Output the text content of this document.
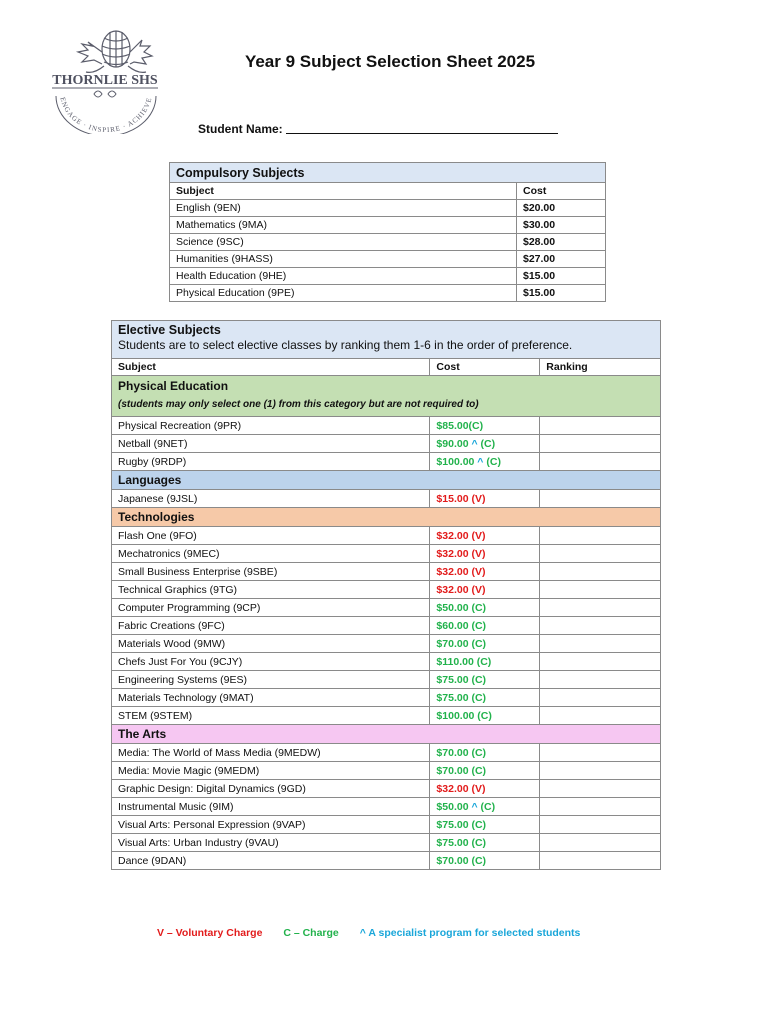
THORNLIE SHS
ENGAGE · INSPIRE · ACHIEVE
Year 9 Subject Selection Sheet 2025
Student Name:
Compulsory Subjects	
Subject	Cost
English (9EN)	$20.00
Mathematics (9MA)	$30.00
Science (9SC)	$28.00
Humanities (9HASS)	$27.00
Health Education (9HE)	$15.00
Physical Education (9PE)	$15.00
Elective Subjects
Students are to select elective classes by ranking them 1-6 in the order of preference.		

Subject	Cost	Ranking
Physical Education
(students may only select one (1) from this category but are not required to)		

Physical Recreation (9PR)	$85.00(C)	
Netball (9NET)	$90.00 ^ (C)	
Rugby (9RDP)	$100.00 ^ (C)	
Languages		
Japanese (9JSL)	$15.00 (V)	
Technologies		
Flash One (9FO)	$32.00 (V)	
Mechatronics (9MEC)	$32.00 (V)	
Small Business Enterprise (9SBE)	$32.00 (V)	
Technical Graphics (9TG)	$32.00 (V)	
Computer Programming (9CP)	$50.00 (C)	
Fabric Creations (9FC)	$60.00 (C)	
Materials Wood (9MW)	$70.00 (C)	
Chefs Just For You (9CJY)	$110.00 (C)	
Engineering Systems (9ES)	$75.00 (C)	
Materials Technology (9MAT)	$75.00 (C)	
STEM (9STEM)	$100.00 (C)	
The Arts		
Media: The World of Mass Media (9MEDW)	$70.00 (C)	
Media: Movie Magic (9MEDM)	$70.00 (C)	
Graphic Design: Digital Dynamics (9GD)	$32.00 (V)	
Instrumental Music (9IM)	$50.00 ^ (C)	
Visual Arts: Personal Expression (9VAP)	$75.00 (C)	
Visual Arts: Urban Industry (9VAU)	$75.00 (C)	
Dance (9DAN)	$70.00 (C)	
V – Voluntary Charge C – Charge ^ A specialist program for selected students
